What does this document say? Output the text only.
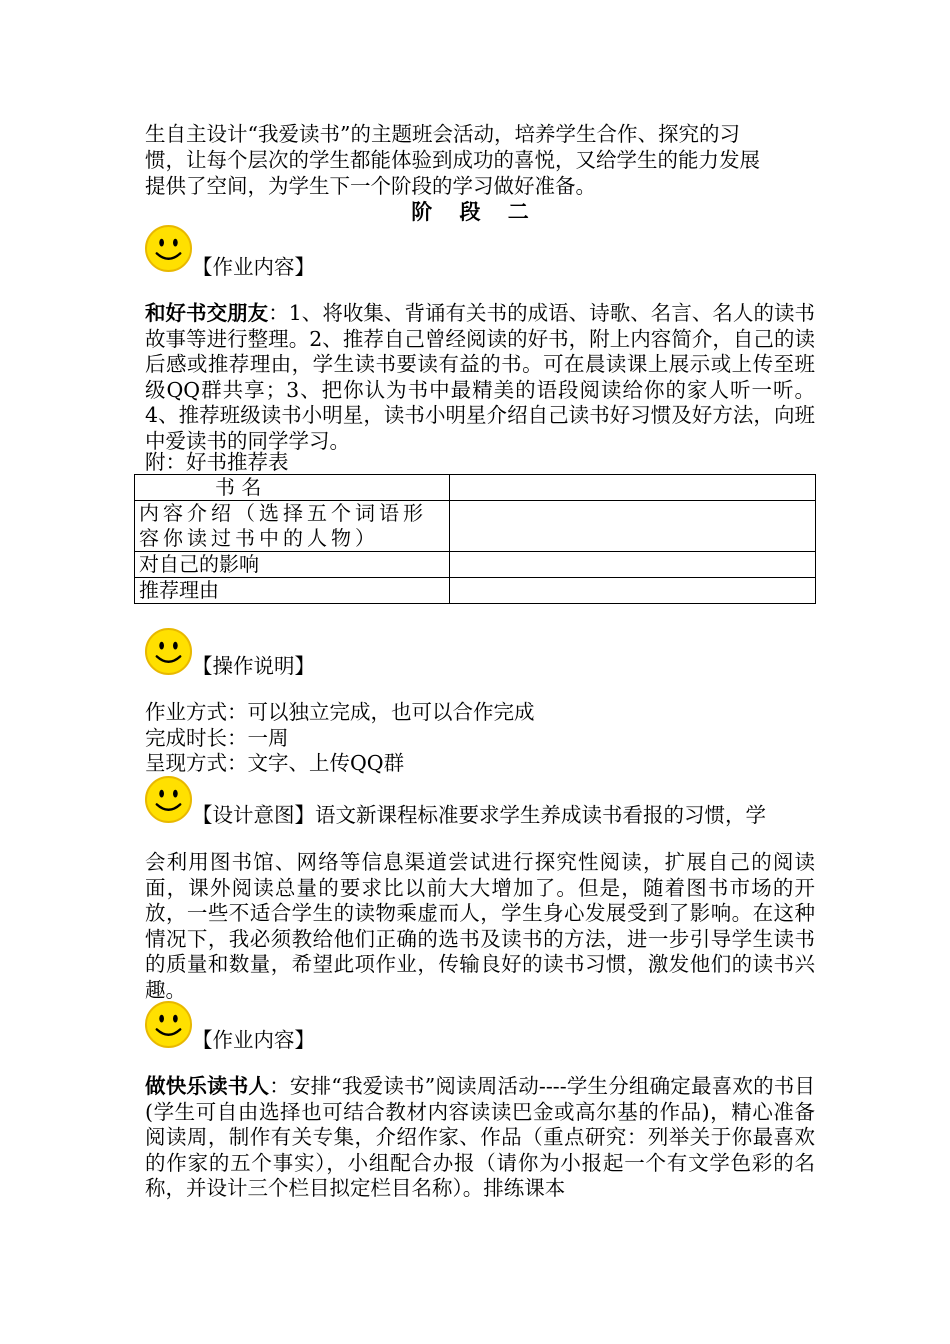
生自主设计“我爱读书”的主题班会活动，培养学生合作、探究的习

惯，让每个层次的学生都能体验到成功的喜悦，又给学生的能力发展

提供了空间，为学生下一个阶段的学习做好准备。

阶 段 二
【作业内容】

和好书交朋友：1、将收集、背诵有关书的成语、诗歌、名言、名人的读书故事等进行整理。2、推荐自己曾经阅读的好书，附上内容简介，自己的读后感或推荐理由，学生读书要读有益的书。可在晨读课上展示或上传至班级QQ群共享；3、把你认为书中最精美的语段阅读给你的家人听一听。4、推荐班级读书小明星，读书小明星介绍自己读书好习惯及好方法，向班中爱读书的同学学习。

附：好书推荐表

书 名	
内容介绍（选择五个词语形容你读过书中的人物）	
对自己的影响	
推荐理由	
【操作说明】

作业方式：可以独立完成，也可以合作完成

完成时长：一周

呈现方式：文字、上传QQ群

【设计意图】语文新课程标准要求学生养成读书看报的习惯，学

会利用图书馆、网络等信息渠道尝试进行探究性阅读，扩展自己的阅读面，课外阅读总量的要求比以前大大增加了。但是，随着图书市场的开放，一些不适合学生的读物乘虚而人，学生身心发展受到了影响。在这种情况下，我必须教给他们正确的选书及读书的方法，进一步引导学生读书的质量和数量，希望此项作业，传输良好的读书习惯，激发他们的读书兴趣。

【作业内容】

做快乐读书人：安排“我爱读书”阅读周活动----学生分组确定最喜欢的书目(学生可自由选择也可结合教材内容读读巴金或高尔基的作品)，精心准备阅读周，制作有关专集，介绍作家、作品（重点研究：列举关于你最喜欢的作家的五个事实），小组配合办报（请你为小报起一个有文学色彩的名称，并设计三个栏目拟定栏目名称）。排练课本
